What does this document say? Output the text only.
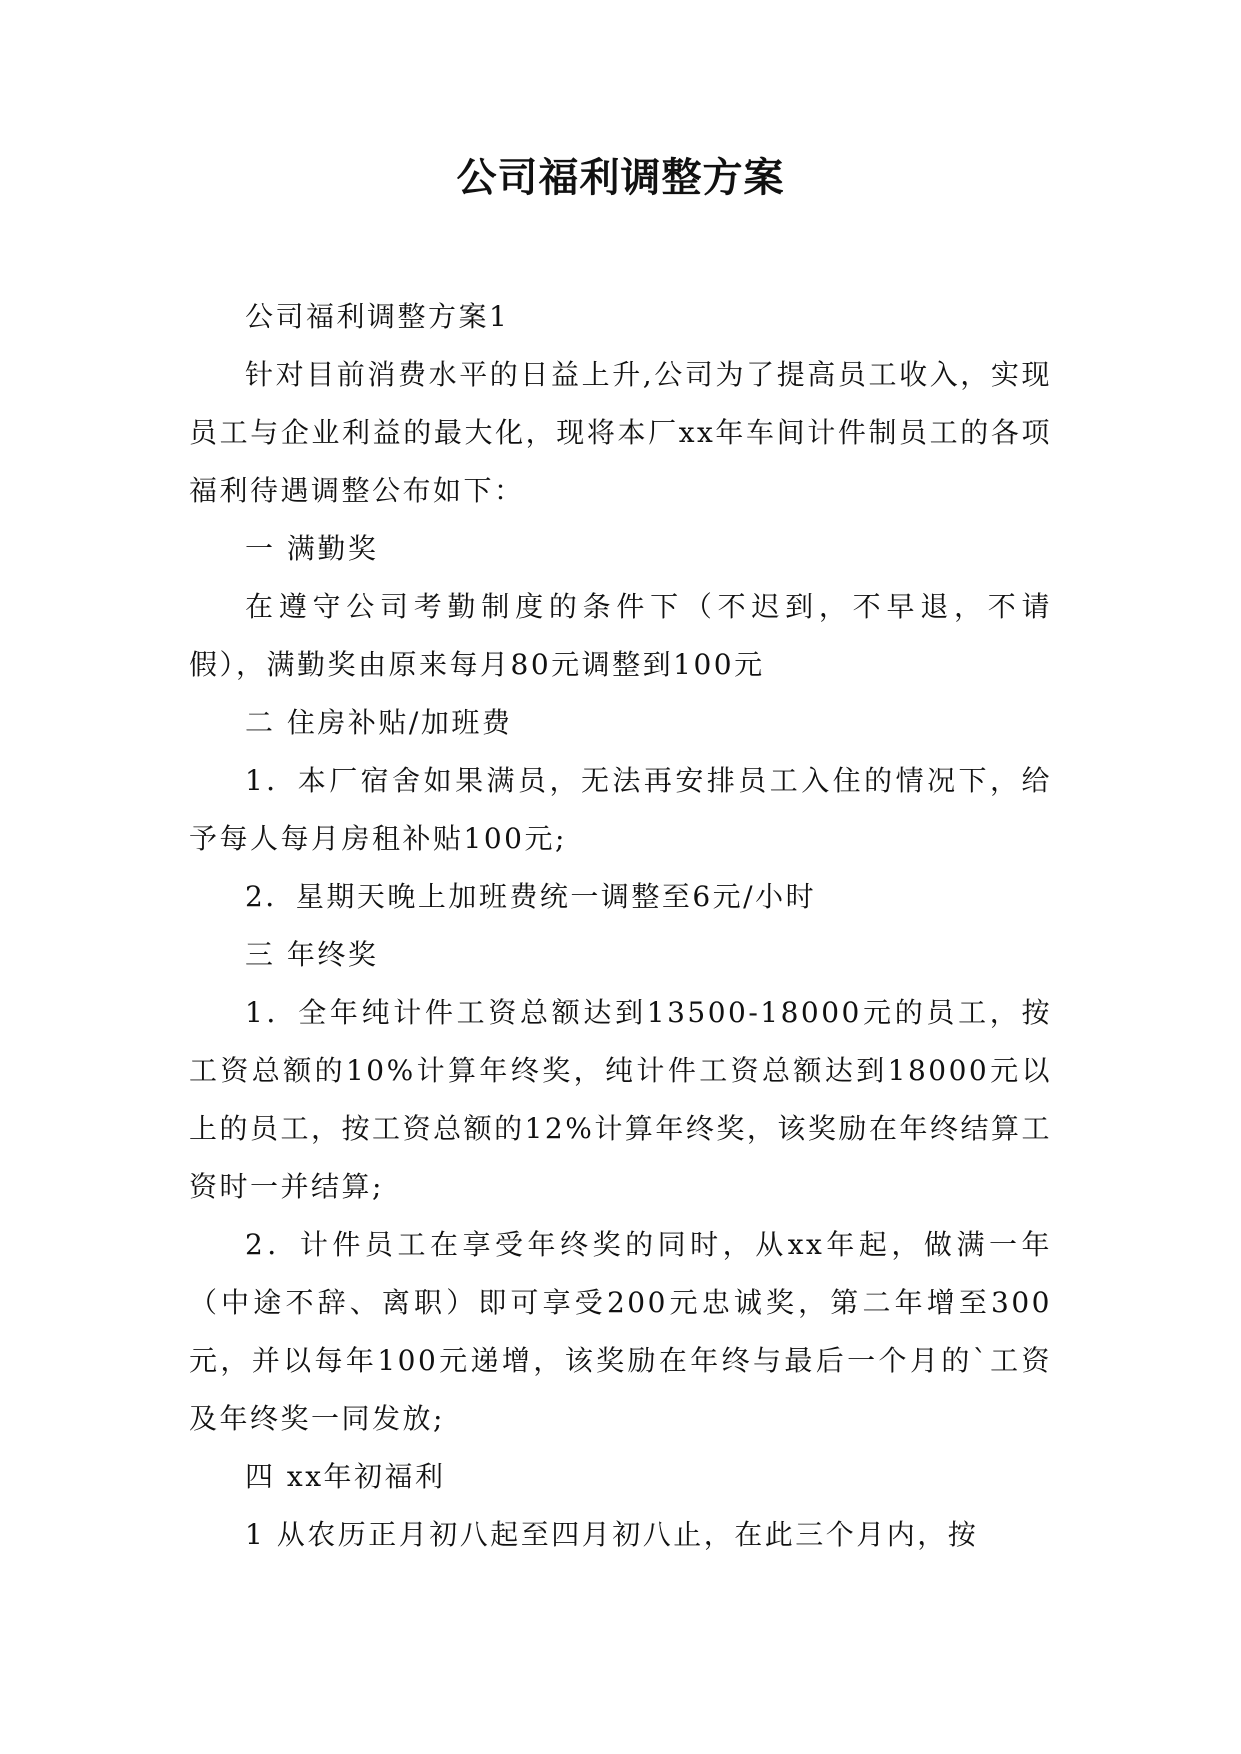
公司福利调整方案

公司福利调整方案1

针对目前消费水平的日益上升,公司为了提高员工收入，实现员工与企业利益的最大化，现将本厂xx年车间计件制员工的各项福利待遇调整公布如下：

一 满勤奖

在遵守公司考勤制度的条件下（不迟到，不早退，不请假），满勤奖由原来每月80元调整到100元

二 住房补贴/加班费

1．本厂宿舍如果满员，无法再安排员工入住的情况下，给予每人每月房租补贴100元;

2．星期天晚上加班费统一调整至6元/小时

三 年终奖

1．全年纯计件工资总额达到13500-18000元的员工，按工资总额的10%计算年终奖，纯计件工资总额达到18000元以上的员工，按工资总额的12%计算年终奖，该奖励在年终结算工资时一并结算;

2．计件员工在享受年终奖的同时，从xx年起，做满一年（中途不辞、离职）即可享受200元忠诚奖，第二年增至300元，并以每年100元递增，该奖励在年终与最后一个月的`工资及年终奖一同发放;

四 xx年初福利

1 从农历正月初八起至四月初八止，在此三个月内，按
